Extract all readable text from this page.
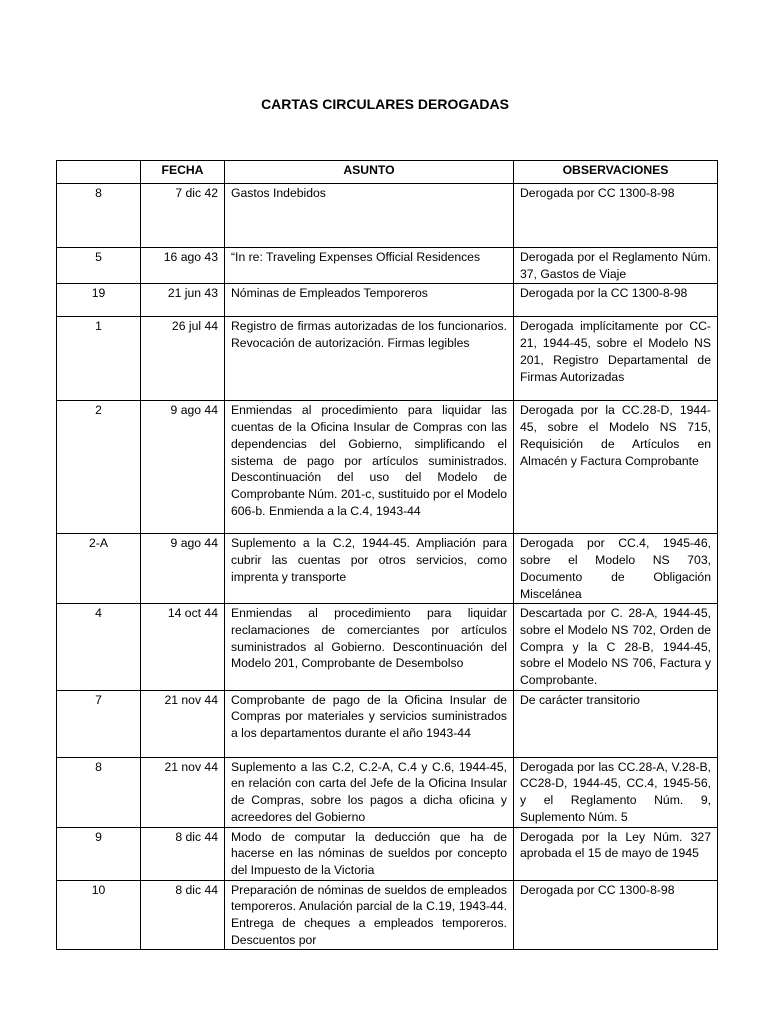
CARTAS CIRCULARES DEROGADAS
	FECHA	ASUNTO	OBSERVACIONES
8	7 dic 42	Gastos Indebidos	Derogada por CC 1300-8-98
5	16 ago 43	“In re: Traveling Expenses Official Residences	Derogada por el Reglamento Núm. 37, Gastos de Viaje
19	21 jun 43	Nóminas de Empleados Temporeros	Derogada por la CC 1300-8-98
1	26 jul 44	Registro de firmas autorizadas de los funcionarios. Revocación de autorización. Firmas legibles	Derogada implícitamente por CC-21, 1944-45, sobre el Modelo NS 201, Registro Departamental de Firmas Autorizadas
2	9 ago 44	Enmiendas al procedimiento para liquidar las cuentas de la Oficina Insular de Compras con las dependencias del Gobierno, simplificando el sistema de pago por artículos suministrados. Descontinuación del uso del Modelo de Comprobante Núm. 201-c, sustituido por el Modelo 606-b. Enmienda a la C.4, 1943-44	Derogada por la CC.28-D, 1944-45, sobre el Modelo NS 715, Requisición de Artículos en Almacén y Factura Comprobante
2-A	9 ago 44	Suplemento a la C.2, 1944-45. Ampliación para cubrir las cuentas por otros servicios, como imprenta y transporte	Derogada por CC.4, 1945-46, sobre el Modelo NS 703, Documento de Obligación Miscelánea
4	14 oct 44	Enmiendas al procedimiento para liquidar reclamaciones de comerciantes por artículos suministrados al Gobierno. Descontinuación del Modelo 201, Comprobante de Desembolso	Descartada por C. 28-A, 1944-45, sobre el Modelo NS 702, Orden de Compra y la C 28-B, 1944-45, sobre el Modelo NS 706, Factura y Comprobante.
7	21 nov 44	Comprobante de pago de la Oficina Insular de Compras por materiales y servicios suministrados a los departamentos durante el año 1943-44	De carácter transitorio
8	21 nov 44	Suplemento a las C.2, C.2-A, C.4 y C.6, 1944-45, en relación con carta del Jefe de la Oficina Insular de Compras, sobre los pagos a dicha oficina y acreedores del Gobierno	Derogada por las CC.28-A, V.28-B, CC28-D, 1944-45, CC.4, 1945-56, y el Reglamento Núm. 9, Suplemento Núm. 5
9	8 dic 44	Modo de computar la deducción que ha de hacerse en las nóminas de sueldos por concepto del Impuesto de la Victoria	Derogada por la Ley Núm. 327 aprobada el 15 de mayo de 1945
10	8 dic 44	Preparación de nóminas de sueldos de empleados temporeros. Anulación parcial de la C.19, 1943-44. Entrega de cheques a empleados temporeros. Descuentos por	Derogada por CC 1300-8-98
